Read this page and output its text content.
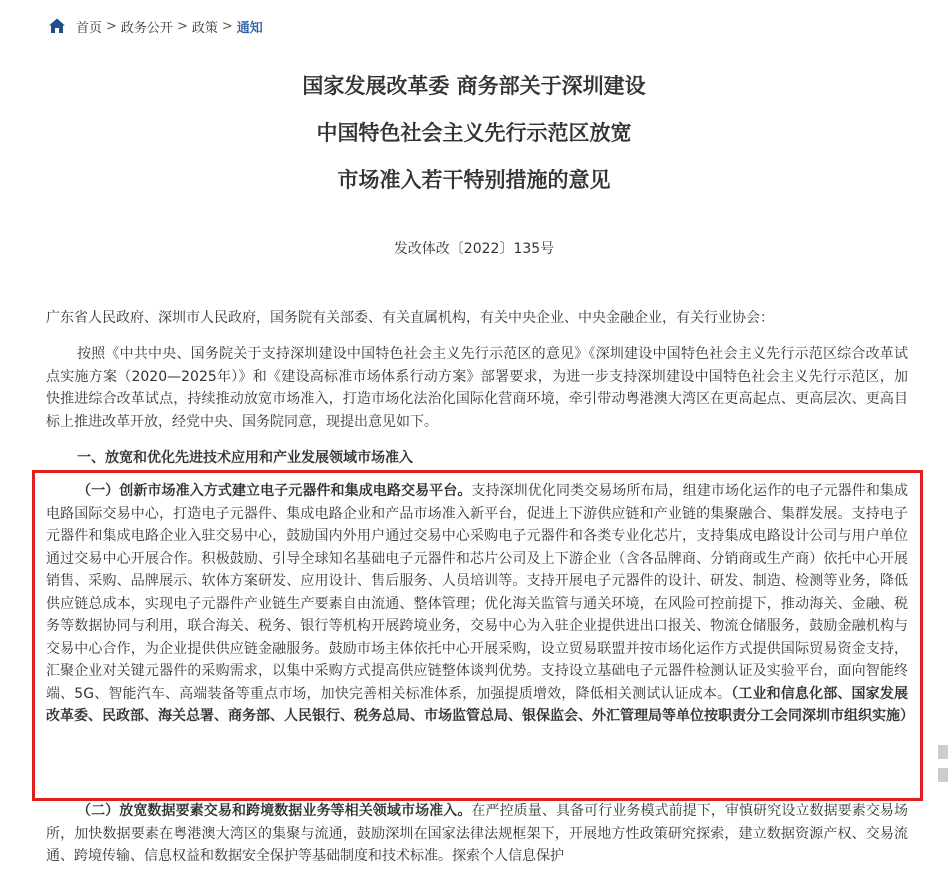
首页 > 政务公开 > 政策 > 通知
国家发展改革委 商务部关于深圳建设
中国特色社会主义先行示范区放宽
市场准入若干特别措施的意见
发改体改〔2022〕135号
广东省人民政府、深圳市人民政府，国务院有关部委、有关直属机构，有关中央企业、中央金融企业，有关行业协会：
按照《中共中央、国务院关于支持深圳建设中国特色社会主义先行示范区的意见》《深圳建设中国特色社会主义先行示范区综合改革试点实施方案（2020—2025年）》和《建设高标准市场体系行动方案》部署要求，为进一步支持深圳建设中国特色社会主义先行示范区，加快推进综合改革试点，持续推动放宽市场准入，打造市场化法治化国际化营商环境，牵引带动粤港澳大湾区在更高起点、更高层次、更高目标上推进改革开放，经党中央、国务院同意，现提出意见如下。
一、放宽和优化先进技术应用和产业发展领域市场准入
（一）创新市场准入方式建立电子元器件和集成电路交易平台。支持深圳优化同类交易场所布局，组建市场化运作的电子元器件和集成电路国际交易中心，打造电子元器件、集成电路企业和产品市场准入新平台，促进上下游供应链和产业链的集聚融合、集群发展。支持电子元器件和集成电路企业入驻交易中心，鼓励国内外用户通过交易中心采购电子元器件和各类专业化芯片，支持集成电路设计公司与用户单位通过交易中心开展合作。积极鼓励、引导全球知名基础电子元器件和芯片公司及上下游企业（含各品牌商、分销商或生产商）依托中心开展销售、采购、品牌展示、软体方案研发、应用设计、售后服务、人员培训等。支持开展电子元器件的设计、研发、制造、检测等业务，降低供应链总成本，实现电子元器件产业链生产要素自由流通、整体管理；优化海关监管与通关环境，在风险可控前提下，推动海关、金融、税务等数据协同与利用，联合海关、税务、银行等机构开展跨境业务，交易中心为入驻企业提供进出口报关、物流仓储服务，鼓励金融机构与交易中心合作，为企业提供供应链金融服务。鼓励市场主体依托中心开展采购，设立贸易联盟并按市场化运作方式提供国际贸易资金支持，汇聚企业对关键元器件的采购需求，以集中采购方式提高供应链整体谈判优势。支持设立基础电子元器件检测认证及实验平台，面向智能终端、5G、智能汽车、高端装备等重点市场，加快完善相关标准体系，加强提质增效，降低相关测试认证成本。（工业和信息化部、国家发展改革委、民政部、海关总署、商务部、人民银行、税务总局、市场监管总局、银保监会、外汇管理局等单位按职责分工会同深圳市组织实施）
（二）放宽数据要素交易和跨境数据业务等相关领域市场准入。在严控质量、具备可行业务模式前提下，审慎研究设立数据要素交易场所，加快数据要素在粤港澳大湾区的集聚与流通，鼓励深圳在国家法律法规框架下，开展地方性政策研究探索，建立数据资源产权、交易流通、跨境传输、信息权益和数据安全保护等基础制度和技术标准。探索个人信息保护
